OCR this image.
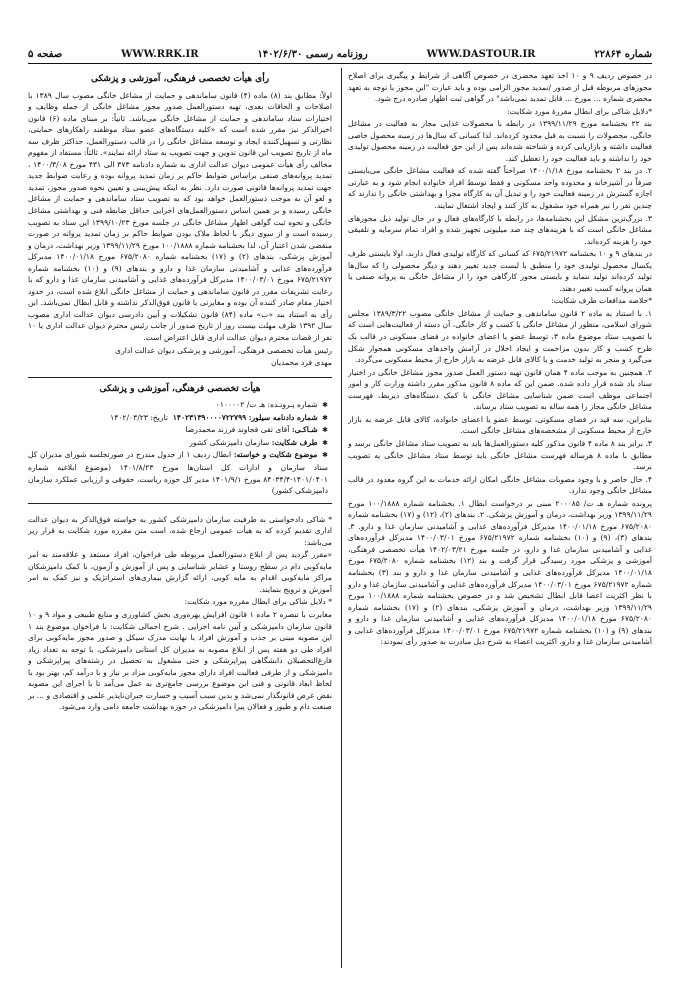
شماره ۲۲۸۶۴
WWW.DASTOUR.IR
روزنامه رسمی ۱۴۰۲/۶/۳۰
WWW.RRK.IR
صفحه ۵

در خصوص ردیف ۹ و ۱۰ اخذ تعهد محضری در خصوص آگاهی از شرایط و پیگیری برای اصلاح مجوزهای مربوطه قبل از صدور /تمدید مجوز الزامی بوده و باید عبارت "این مجوز با توجه به تعهد محضری شماره ... مورخ ... قابل تمدید نمی‌باشد" در گواهی ثبت اظهار صادره درج شود.

*دلایل شاکی برای ابطال مقررۀ مورد شکایت:

بند ۲۲ بخشنامه مورخ ۱۳۹۹/۱۱/۲۹ در رابطه با محصولات غذایی مجاز به فعالیت در مشاغل خانگی، محصولات را نسبت به قبل محدود کرده‌اند. لذا کسانی که سال‌ها در زمینه محصول خاصی فعالیت داشته و بازاریابی کرده و شناخته شده‌اند پس از این حق فعالیت در زمینه محصول تولیدی خود را نداشته و باید فعالیت خود را تعطیل کند.

۲. در بند ۲ بخشنامه مورخ ۱۴۰۰/۱/۱۸ صراحتاً گفته شده که فعالیت مشاغل خانگی می‌بایستی صرفاً در آشپزخانه و محدوده واحد مسکونی و فقط توسط افراد خانواده انجام شود و به عبارتی اجازه گسترش در زمینه فعالیت خود را و تبدیل آن به کارگاه مجزا و بهداشتی خانگی را ندارند که چندین نفر را نیز همراه خود مشغول به کار کنند و ایجاد اشتغال نمایند.

۳. بزرگ‌ترین مشکل این بخشنامه‌ها، در رابطه با کارگاه‌های فعال و در حال تولید ذیل مجوزهای مشاغل خانگی است که با هزینه‌های چند صد میلیونی تجهیز شده و افراد تمام سرمایه و تلفیقی خود را هزینه کرده‌اند.

در بندهای ۹ و ۱۰ بخشنامه ۶۷۵/۲۱۹۷۲ که کسانی که کارگاه تولیدی فعال دارند، اولا بایستی ظرف یکسال محصول تولیدی خود را منطبق با لیست جدید تغییر دهند و دیگر محصولی را که سال‌ها تولید کرده‌اند تولید ننماید و بایستی مجوز کارگاهی خود را از مشاغل خانگی به پروانه صنفی یا همان پروانه کسب تغییر دهند.

*خلاصه مدافعات طرف شکایت:

۱. با استناد به ماده ۲ قانون ساماندهی و حمایت از مشاغل خانگی مصوب ۱۳۸۹/۳/۲۲ مجلس شورای اسلامی، منظور از مشاغل خانگی یا کسب و کار خانگی، آن دسته از فعالیت‌هایی است که با تصویب ستاد موضوع ماده ۳، توسط عضو یا اعضای خانواده در فضای مسکونی در قالب یک طرح کسب و کار بدون مزاحمت و ایجاد اخلال در آرامش واحدهای مسکونی همجوار شکل می‌گیرد و منجر به تولید خدمت و یا کالای قابل عرضه به بازار خارج از محیط مسکونی می‌گردد.

۲. همچنین به موجب ماده ۴ همان قانون تهیه دستور العمل صدور مجوز مشاغل خانگی در اختیار ستاد یاد شده قرار داده شده. ضمن این که ماده ۸ قانون مذکور مقرر داشته وزارت کار و امور اجتماعی موظف است ضمن شناسایی مشاغل خانگی با کمک دستگاه‌های ذیربط، فهرست مشاغل خانگی مجاز را همه ساله به تصویب ستاد برساند.

بنابراین، سه قید در فضای مسکونی، توسط عضو یا اعضای خانواده، کالای قابل عرضه به بازار خارج از محیط مسکونی از مشخصه‌های مشاغل خانگی است.

۳. برابر بند ۸ ماده ۴ قانون مذکور کلیه دستورالعمل‌ها باید به تصویب ستاد مشاغل خانگی برسد و مطابق با ماده ۸ هرساله فهرست مشاغل خانگی باید توسط ستاد مشاغل خانگی به تصویب برسد.

۴. حال حاضر و با وجود مصوبات مشاغل خانگی امکان ارائه خدمات به این گروه معدود در قالب مشاغل خانگی وجود ندارد.

پرونده شماره هـ ت/ ۲۰۰۰۸۵ مبنی بر درخواست ابطال ۱. بخشنامه شماره ۱۰۰/۱۸۸۸ مورخ ۱۳۹۹/۱۱/۲۹ وزیر بهداشت، درمان و آموزش پزشکی. ۲. بندهای (۲)، (۱۲) و (۱۷) بخشنامه شماره ۶۷۵/۲۰۸۰ مورخ ۱۴۰۰/۰۱/۱۸ مدیرکل فرآورده‌های غذایی و آشامیدنی سازمان غذا و دارو. ۳. بندهای (۳)، (۹) و (۱۰) بخشنامه شماره ۶۷۵/۲۱۹۷۲ مورخ ۱۴۰۰/۰۳/۰۱ مدیرکل فرآورده‌های غذایی و آشامیدنی سازمان غذا و دارو، در جلسه مورخ ۱۴۰۲/۰۳/۲۱ هیأت تخصصی فرهنگی، آموزشی و پزشکی مورد رسیدگی قرار گرفت و بند (۱۲) بخشنامه شماره ۶۷۵/۲۰۸۰ مورخ ۱۴۰۰/۰۱/۱۸ مدیرکل فرآورده‌های غذایی و آشامیدنی سازمان غذا و دارو و بند (۳) بخشنامه شماره ۶۷۵/۲۱۹۷۲ مورخ ۱۴۰۰/۰۳/۰۱ مدیرکل فرآورده‌های غذایی و آشامیدنی سازمان غذا و دارو با نظر اکثریت اعضا قابل ابطال تشخیص شد و در خصوص بخشنامه شماره ۱۰۰/۱۸۸۸ مورخ ۱۳۹۹/۱۱/۲۹ وزیر بهداشت، درمان و آموزش پزشکی، بندهای (۲) و (۱۷) بخشنامه شماره ۶۷۵/۲۰۸۰ مورخ ۱۴۰۰/۰۱/۱۸ مدیرکل فرآورده‌های غذایی و آشامیدنی سازمان غذا و دارو و بندهای (۹) و (۱۰) بخشنامه شماره ۶۷۵/۲۱۹۷۲ مورخ ۱۴۰۰/۰۳/۰۱ مدیرکل فرآورده‌های غذایی و آشامیدنی سازمان غذا و دارو، اکثریت اعضاء به شرح ذیل مبادرت به صدور رأی نمودند:

رأی هیأت تخصصی فرهنگی، آموزشی و پزشکی

اولاً: مطابق بند (۸) ماده (۴) قانون ساماندهی و حمایت از مشاغل خانگی مصوب سال ۱۳۸۹ با اصلاحات و الحاقات بعدی، تهیه دستورالعمل صدور مجوز مشاغل خانگی از جمله وظایف و اختیارات ستاد ساماندهی و حمایت از مشاغل خانگی می‌باشد. ثانیاً: بر مبنای ماده (۶) قانون اخیرالذکر نیز مقرر شده است که «کلیه دستگاه‌های عضو ستاد موظفند راهکارهای حمایتی، نظارتی و تسهیل‌کننده ایجاد و توسعه مشاغل خانگی را در قالب دستورالعمل، حداکثر ظرف سه ماه از تاریخ تصویب این قانون تدوین و جهت تصویب به ستاد ارائه نمایند». ثالثاً: مستفاد از مفهوم مخالف رأی هیأت عمومی دیوان عدالت اداری به شماره دادنامه ۳۷۳ الی ۴۳۱ مورخ ۱۴۰۰/۳/۰۸ ، تمدید پروانه‌های صنفی براساس ضوابط حاکم بر زمان تمدید پروانه بوده و رعایت ضوابط جدید جهت تمدید پروانه‌ها قانونی صورت دارد. نظر به اینکه پیش‌بینی و تعیین نحوه صدور مجوز، تمدید و لغو آن به موجب دستورالعمل خواهد بود که به تصویب ستاد ساماندهی و حمایت از مشاغل خانگی رسیده و بر همین اساس دستورالعمل‌های اجرایی حداقل ضابطه فنی و بهداشتی مشاغل خانگی و نحوه ثبت گواهی اظهار مشاغل خانگی در جلسه مورخ ۱۳۹۹/۱۰/۲۳ این ستاد به تصویب رسیده است و از سوی دیگر با لحاظ ملاک بودن ضوابط حاکم بر زمان تمدید پروانه در صورت منقضی شدن اعتبار آن، لذا بخشنامه شماره ۱۰۰/۱۸۸۸ مورخ ۱۳۹۹/۱۱/۲۹ وزیر بهداشت، درمان و آموزش پزشکی، بندهای (۲) و (۱۷) بخشنامه شماره ۶۷۵/۲۰۸۰ مورخ ۱۴۰۰/۰۱/۱۸ مدیرکل فرآورده‌های غذایی و آشامیدنی سازمان غذا و دارو و بندهای (۹) و (۱۰) بخشنامه شماره ۶۷۵/۲۱۹۷۲ مورخ ۱۴۰۰/۰۳/۰۱ مدیرکل فرآورده‌های غذایی و آشامیدنی سازمان غذا و دارو که با رعایت تشریفات مقرر در قانون ساماندهی و حمایت از مشاغل خانگی ابلاغ شده است، در حدود اختیار مقام صادر کننده آن بوده و مغایرتی با قانون فوق‌الذکر نداشته و قابل ابطال نمی‌باشد. این رأی به استناد بند «ب» ماده (۸۴) قانون تشکیلات و آیین دادرسی دیوان عدالت اداری مصوب سال ۱۳۹۲ ظرف مهلت بیست روز از تاریخ صدور از جانب رئیس محترم دیوان عدالت اداری یا ۱۰ نفر از قضات محترم دیوان عدالت اداری قابل اعتراض است.

رئیس هیأت تخصصی فرهنگی، آموزشی و پزشکی دیوان عدالت اداری

مهدی فرد محمدیان

هیأت تخصصی فرهنگی، آموزشی و پزشکی
✱ شماره پـرونـده: هـ ت/ ۰۱۰۰۰۰۲
✱ شماره دادنامه سیلور: ۱۴۰۲۳۱۳۹۰۰۰۰۷۲۲۷۹۹  تاریخ: ۱۴۰۲/۰۳/۲۳
✱ شـاکـی: آقای تقی قجاوند فرزند محمدرضا
✱ طرف شکایت: سازمان دامپزشکی کشور
✱ موضوع شکایت و خواسته: ابطال ردیف ۱ از جدول مندرج در صورتجلسه شورای مدیران کل ستاد سازمان و ادارات کل استان‌ها مورخ ۱۴۰۱/۸/۲۳ (موضوع ابلاغیه شماره ۱۴۰۱/۰۴۰۱-۸۴۰۳۴/۴ مورخ ۱۴۰۱/۹/۱ مدیر کل حوزه ریاست، حقوقی و ارزیابی عملکرد سازمان دامپزشکی کشور)

* شاکی دادخواستی به طرفیت سازمان دامپزشکی کشور به خواسته فوق‌الذکر به دیوان عدالت اداری تقدیم کرده که به هیأت عمومی ارجاع شده، است متن مقرره مورد شکایت به قرار زیر می‌باشد:

«مقرر گردید پس از ابلاغ دستورالعمل مربوطه طی فراخوان، افراد مستعد و علاقه‌مند به امر مایه‌کوبی دام در سطح روستا و عشایر شناسایی و پس از آموزش و آزمون، با کمک دامپزشکان مراکز مایه‌کوبی اقدام به مایه کوبی، ارائه گزارش بیماری‌های استراتژیک و نیز کمک به امر آموزش و ترویج بنمایند.

* دلایل شاکی برای ابطال مقرره مورد شکایت:

مغایرت با تبصره ۲ ماده ۱ قانون افزایش بهره‌وری بخش کشاورزی و منابع طبیعی و مواد ۹ و ۱۰ قانون سازمان دامپزشکی و آیین نامه اجرایی . شرح اجمالی شکایت: با فراخوان موضوع بند ۱ این مصوبه مبنی بر جذب و آموزش افراد با نهایت مدرک سیکل و صدور مجوز مایه‌کوبی برای افراد طی دو هفته پس از ابلاغ مصوبه به مدیران کل استانی دامپزشکی، با توجه به تعداد زیاد فارغ‌التحصیلان دانشگاهی پیراپزشکی و حتی مشغول به تحصیل در رشته‌های پیراپزشکی و دامپزشکی و از طرفی فعالیت افراد دارای مجوز مایه‌کوبی مزاد بر نیاز و با درآمد کم، بهتر بود با لحاظ ابعاد قانونی و فنی این موضوع بررسی جامع‌تری به عمل می‌آمد تا با اجرای این مصوبه نقض غرض قانونگذار نمی‌شد و بدین سبب آسیب و خسارت جبران‌ناپذیر علمی و اقتصادی و ... بر صنعت دام و طیور و فعالان پیرا دامپزشکی در حوزه بهداشت جامعه دامی وارد می‌شود.
